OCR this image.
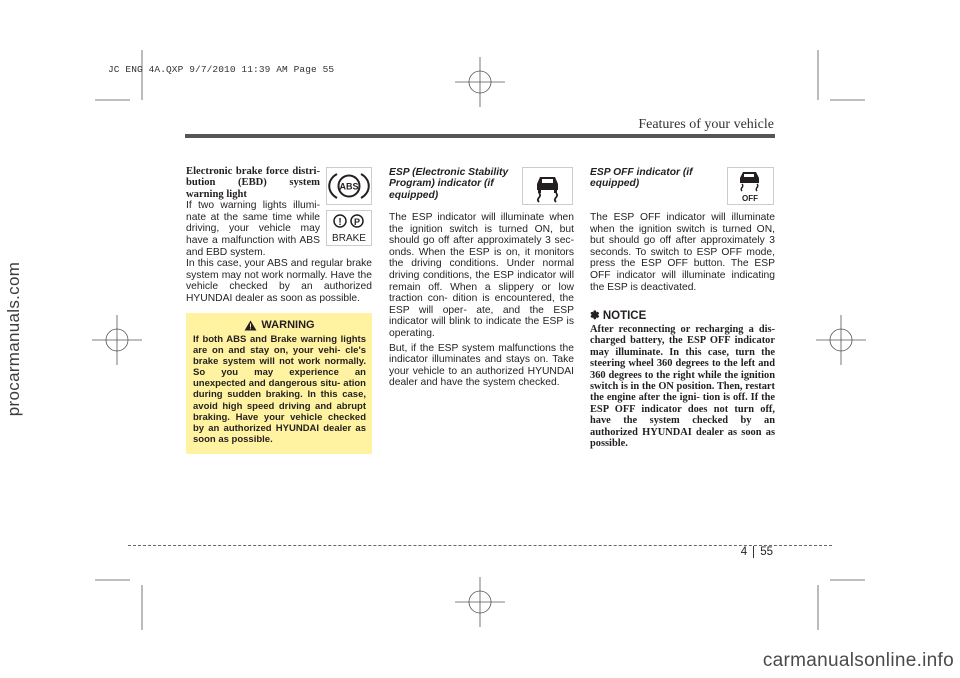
procarmanuals.com
carmanualsonline.info
JC ENG 4A.QXP 9/7/2010 11:39 AM Page 55
Features of your vehicle
Electronic brake force distri- bution (EBD) system warning light

If two warning lights illumi- nate at the same time while driving, your vehicle may have a malfunction with ABS and EBD system.

In this case, your ABS and regular brake system may not work normally. Have the vehicle checked by an authorized HYUNDAI dealer as soon as possible.

ABS
! P
BRAKE
WARNING
If both ABS and Brake warning lights are on and stay on, your vehi- cle's brake system will not work normally. So you may experience an unexpected and dangerous situ- ation during sudden braking. In this case, avoid high speed driving and abrupt braking. Have your vehicle checked by an authorized HYUNDAI dealer as soon as possible.
ESP (Electronic Stability Program) indicator (if equipped)

The ESP indicator will illuminate when the ignition switch is turned ON, but should go off after approximately 3 sec- onds. When the ESP is on, it monitors the driving conditions. Under normal driving conditions, the ESP indicator will remain off. When a slippery or low traction con- dition is encountered, the ESP will oper- ate, and the ESP indicator will blink to indicate the ESP is operating.

But, if the ESP system malfunctions the indicator illuminates and stays on. Take your vehicle to an authorized HYUNDAI dealer and have the system checked.

ESP OFF indicator (if equipped)
OFF

The ESP OFF indicator will illuminate when the ignition switch is turned ON, but should go off after approximately 3 seconds. To switch to ESP OFF mode, press the ESP OFF button. The ESP OFF indicator will illuminate indicating the ESP is deactivated.

✽ NOTICE
After reconnecting or recharging a dis- charged battery, the ESP OFF indicator may illuminate. In this case, turn the steering wheel 360 degrees to the left and 360 degrees to the right while the ignition switch is in the ON position. Then, restart the engine after the igni- tion is off. If the ESP OFF indicator does not turn off, have the system checked by an authorized HYUNDAI dealer as soon as possible.
4 55
